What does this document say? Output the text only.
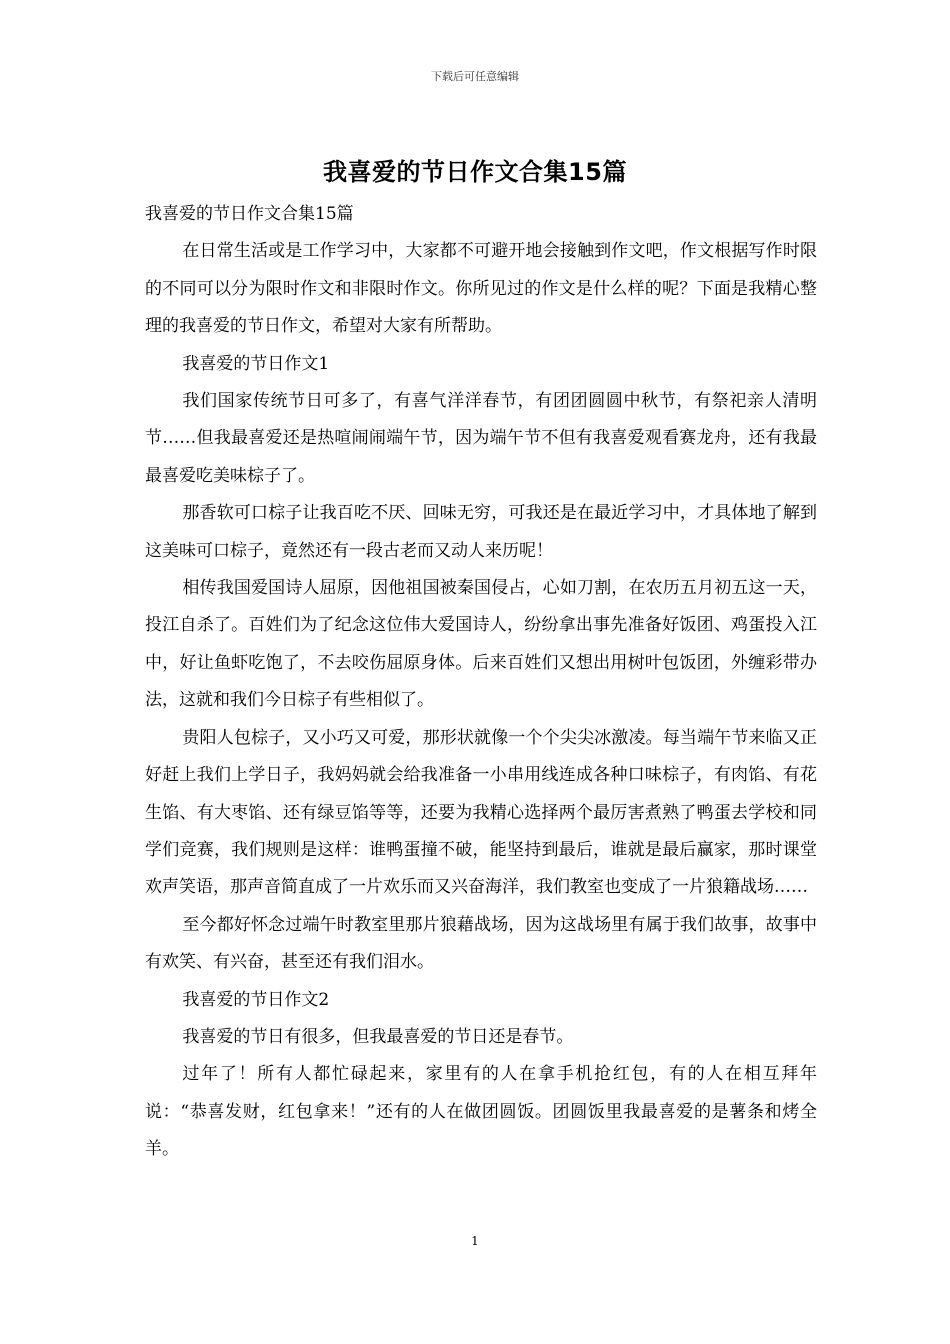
下载后可任意编辑
我喜爱的节日作文合集15篇

我喜爱的节日作文合集15篇

在日常生活或是工作学习中，大家都不可避开地会接触到作文吧，作文根据写作时限的不同可以分为限时作文和非限时作文。你所见过的作文是什么样的呢？下面是我精心整理的我喜爱的节日作文，希望对大家有所帮助。

我喜爱的节日作文1

我们国家传统节日可多了，有喜气洋洋春节，有团团圆圆中秋节，有祭祀亲人清明节……但我最喜爱还是热喧闹闹端午节，因为端午节不但有我喜爱观看赛龙舟，还有我最最喜爱吃美味棕子了。

那香软可口棕子让我百吃不厌、回味无穷，可我还是在最近学习中，才具体地了解到这美味可口棕子，竟然还有一段古老而又动人来历呢！

相传我国爱国诗人屈原，因他祖国被秦国侵占，心如刀割，在农历五月初五这一天，投江自杀了。百姓们为了纪念这位伟大爱国诗人，纷纷拿出事先准备好饭团、鸡蛋投入江中，好让鱼虾吃饱了，不去咬伤屈原身体。后来百姓们又想出用树叶包饭团，外缠彩带办法，这就和我们今日棕子有些相似了。

贵阳人包棕子，又小巧又可爱，那形状就像一个个尖尖冰激凌。每当端午节来临又正好赶上我们上学日子，我妈妈就会给我准备一小串用线连成各种口味棕子，有肉馅、有花生馅、有大枣馅、还有绿豆馅等等，还要为我精心选择两个最厉害煮熟了鸭蛋去学校和同学们竞赛，我们规则是这样：谁鸭蛋撞不破，能坚持到最后，谁就是最后赢家，那时课堂欢声笑语，那声音简直成了一片欢乐而又兴奋海洋，我们教室也变成了一片狼籍战场……

至今都好怀念过端午时教室里那片狼藉战场，因为这战场里有属于我们故事，故事中有欢笑、有兴奋，甚至还有我们泪水。

我喜爱的节日作文2

我喜爱的节日有很多，但我最喜爱的节日还是春节。

过年了！所有人都忙碌起来，家里有的人在拿手机抢红包，有的人在相互拜年说：“恭喜发财，红包拿来！”还有的人在做团圆饭。团圆饭里我最喜爱的是薯条和烤全羊。

1
